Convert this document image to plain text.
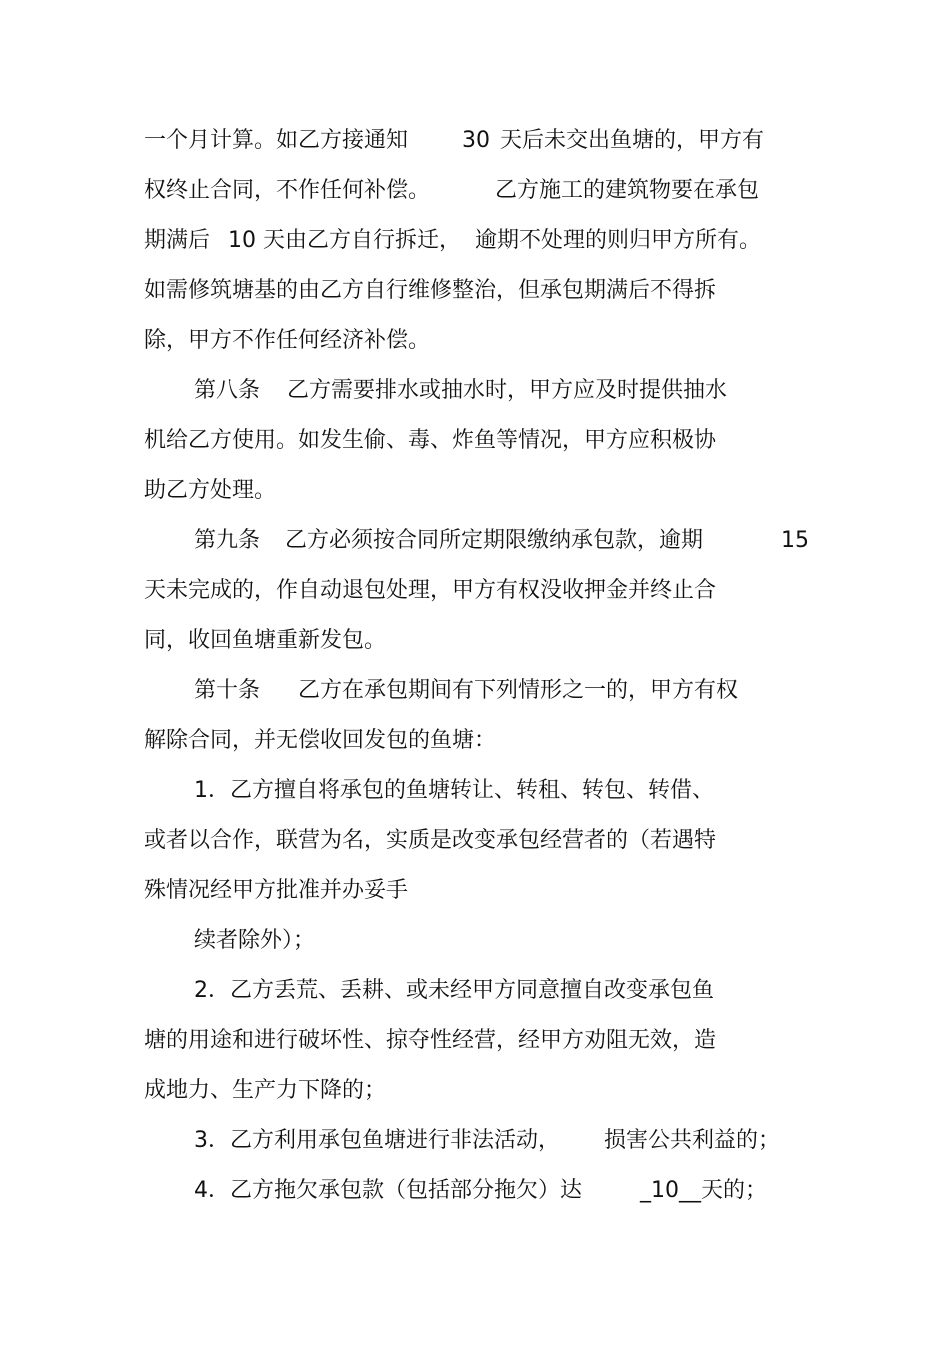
一个月计算。如乙方接通知

30

天后未交出鱼塘的，甲方有

权终止合同，不作任何补偿。

	乙方施工的建筑物要在承包

期满后

10 天由乙方自行拆迁，

逾期不处理的则归甲方所有。

如需修筑塘基的由乙方自行维修整治，但承包期满后不得拆

除，甲方不作任何经济补偿。

第八条

乙方需要排水或抽水时，甲方应及时提供抽水

机给乙方使用。如发生偷、毒、炸鱼等情况，甲方应积极协

助乙方处理。

第九条

乙方必须按合同所定期限缴纳承包款，逾期

	15

天未完成的，作自动退包处理，甲方有权没收押金并终止合

同，收回鱼塘重新发包。

第十条

乙方在承包期间有下列情形之一的，甲方有权

解除合同，并无偿收回发包的鱼塘：

1．乙方擅自将承包的鱼塘转让、转租、转包、转借、

或者以合作，联营为名，实质是改变承包经营者的（若遇特

殊情况经甲方批准并办妥手

续者除外）；

2．乙方丢荒、丢耕、或未经甲方同意擅自改变承包鱼

塘的用途和进行破坏性、掠夺性经营，经甲方劝阻无效，造

成地力、生产力下降的；

3．乙方利用承包鱼塘进行非法活动，

损害公共利益的；

4．乙方拖欠承包款（包括部分拖欠）达

	_10__天的；
